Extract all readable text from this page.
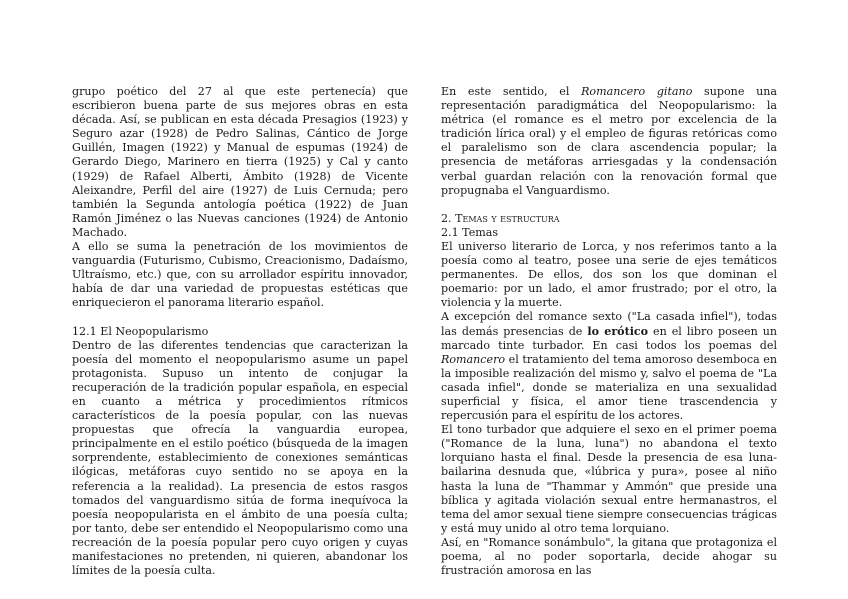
grupo poético del 27 al que este pertenecía) que escribieron buena parte de sus mejores obras en esta década. Así, se publican en esta década Presagios (1923) y Seguro azar (1928) de Pedro Salinas, Cántico de Jorge Guillén, Imagen (1922) y Manual de espumas (1924) de Gerardo Diego, Marinero en tierra (1925) y Cal y canto (1929) de Rafael Alberti, Ámbito (1928) de Vicente Aleixandre, Perfil del aire (1927) de Luis Cernuda; pero también la Segunda antología poética (1922) de Juan Ramón Jiménez o las Nuevas canciones (1924) de Antonio Machado.

A ello se suma la penetración de los movimientos de vanguardia (Futurismo, Cubismo, Creacionismo, Dadaísmo, Ultraísmo, etc.) que, con su arrollador espíritu innovador, había de dar una variedad de propuestas estéticas que enriquecieron el panorama literario español.

12.1 El Neopopularismo

Dentro de las diferentes tendencias que caracterizan la poesía del momento el neopopularismo asume un papel protagonista. Supuso un intento de conjugar la recuperación de la tradición popular española, en especial en cuanto a métrica y procedimientos rítmicos característicos de la poesía popular, con las nuevas propuestas que ofrecía la vanguardia europea, principalmente en el estilo poético (búsqueda de la imagen sorprendente, establecimiento de conexiones semánticas ilógicas, metáforas cuyo sentido no se apoya en la referencia a la realidad). La presencia de estos rasgos tomados del vanguardismo sitúa de forma inequívoca la poesía neopopularista en el ámbito de una poesía culta; por tanto, debe ser entendido el Neopopularismo como una recreación de la poesía popular pero cuyo origen y cuyas manifestaciones no pretenden, ni quieren, abandonar los límites de la poesía culta.

En este sentido, el Romancero gitano supone una representación paradigmática del Neopopularismo: la métrica (el romance es el metro por excelencia de la tradición lírica oral) y el empleo de figuras retóricas como el paralelismo son de clara ascendencia popular; la presencia de metáforas arriesgadas y la condensación verbal guardan relación con la renovación formal que propugnaba el Vanguardismo.

2. Temas y estructura

2.1 Temas

El universo literario de Lorca, y nos referimos tanto a la poesía como al teatro, posee una serie de ejes temáticos permanentes. De ellos, dos son los que dominan el poemario: por un lado, el amor frustrado; por el otro, la violencia y la muerte.

A excepción del romance sexto ("La casada infiel"), todas las demás presencias de lo erótico en el libro poseen un marcado tinte turbador. En casi todos los poemas del Romancero el tratamiento del tema amoroso desemboca en la imposible realización del mismo y, salvo el poema de "La casada infiel", donde se materializa en una sexualidad superficial y física, el amor tiene trascendencia y repercusión para el espíritu de los actores.

El tono turbador que adquiere el sexo en el primer poema ("Romance de la luna, luna") no abandona el texto lorquiano hasta el final. Desde la presencia de esa luna-bailarina desnuda que, «lúbrica y pura», posee al niño hasta la luna de "Thammar y Ammón" que preside una bíblica y agitada violación sexual entre hermanastros, el tema del amor sexual tiene siempre consecuencias trágicas y está muy unido al otro tema lorquiano.

Así, en "Romance sonámbulo", la gitana que protagoniza el poema, al no poder soportarla, decide ahogar su frustración amorosa en las
